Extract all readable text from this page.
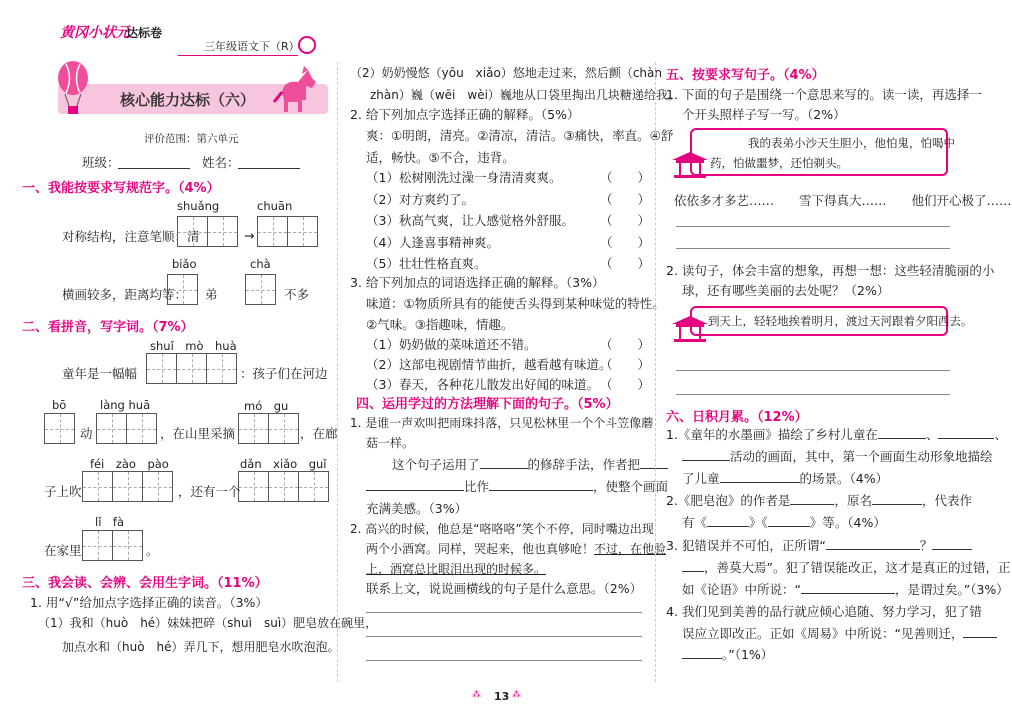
黄冈小状元
达标卷
三年级语文下（R）
核心能力达标（六）
评价范围：第六单元
班级：	姓名：
一、我能按要求写规范字。（4%）
shuǎng	chuān
对称结构，注意笔顺：清	→
biǎo	chà
横画较多，距离均等： 弟	不多
二、看拼音，写字词。（7%）
shuǐ　mò　huà
童年是一幅幅	：孩子们在河边
bō	làng huā	mó　gu
动	，在山里采摘	，在廊
féi　zào　pào	dǎn　xiǎo　guǐ
子上吹	，还有一个
lǐ　fà
在家里	。
三、我会读、会辨、会用生字词。（11%）
1. 用“√”给加点字选择正确的读音。（3%）
（1）我和（huò　hé）妹妹把碎（shuì　suì）肥皂放在碗里，
加点水和（huò　hé）弄几下，想用肥皂水吹泡泡。
（2）奶奶慢悠（yōu　xiǎo）悠地走过来，然后颤（chàn
zhàn）巍（wēi　wèi）巍地从口袋里掏出几块糖递给我。
2. 给下列加点字选择正确的解释。（5%）
爽：①明朗，清亮。②清凉，清洁。③痛快，率直。④舒
适，畅快。⑤不合，违背。
（1）松树刚洗过澡一身清清爽爽。	（　　）
（2）对方爽约了。	（　　）
（3）秋高气爽，让人感觉格外舒服。 （　　）
（4）人逢喜事精神爽。	（　　）
（5）壮壮性格直爽。	（　　）
3. 给下列加点的词语选择正确的解释。（3%）
味道：①物质所具有的能使舌头得到某种味觉的特性。
②气味。③指趣味，情趣。
（1）奶奶做的菜味道还不错。	（　　）
（2）这部电视剧情节曲折，越看越有味道。
（　　）
（3）春天，各种花儿散发出好闻的味道。 （　　）
四、运用学过的方法理解下面的句子。（5%）
1. 是谁一声欢叫把雨珠抖落，只见松林里一个个斗笠像蘑
菇一样。
这个句子运用了	的修辞手法，作者把
比作	，使整个画面
充满美感。（3%）
2. 高兴的时候，他总是“咯咯咯”笑个不停，同时嘴边出现
两个小酒窝。同样，哭起来，他也真够呛！不过，在他脸
上，酒窝总比眼泪出现的时候多。
联系上文，说说画横线的句子是什么意思。（2%）
五、按要求写句子。（4%）
1. 下面的句子是围绕一个意思来写的。读一读，再选择一
个开头照样子写一写。（2%）
我的表弟小沙天生胆小，他怕鬼，怕喝中
药，怕做噩梦，还怕剃头。
依依多才多艺……　　雪下得真大……　　他们开心极了……
2. 读句子，体会丰富的想象，再想一想：这些轻清脆丽的小
球，还有哪些美丽的去处呢？（2%）
到天上，轻轻地挨着明月，渡过天河跟着夕阳西去。
六、日积月累。（12%）
1.《童年的水墨画》描绘了乡村儿童在	、	、
活动的画面，其中，第一个画面生动形象地描绘
了儿童	的场景。（4%）
2.《肥皂泡》的作者是	，原名	，代表作
有《	》《	》等。（4%）
3. 犯错误并不可怕，正所谓“	？
，善莫大焉”。犯了错误能改正，这才是真正的过错，正
如《论语》中所说：“	，是谓过矣。”（3%）
4. 我们见到美善的品行就应倾心追随、努力学习，犯了错
误应立即改正。正如《周易》中所说：“见善则迁，
。”（1%）
13
⁂	⁂
